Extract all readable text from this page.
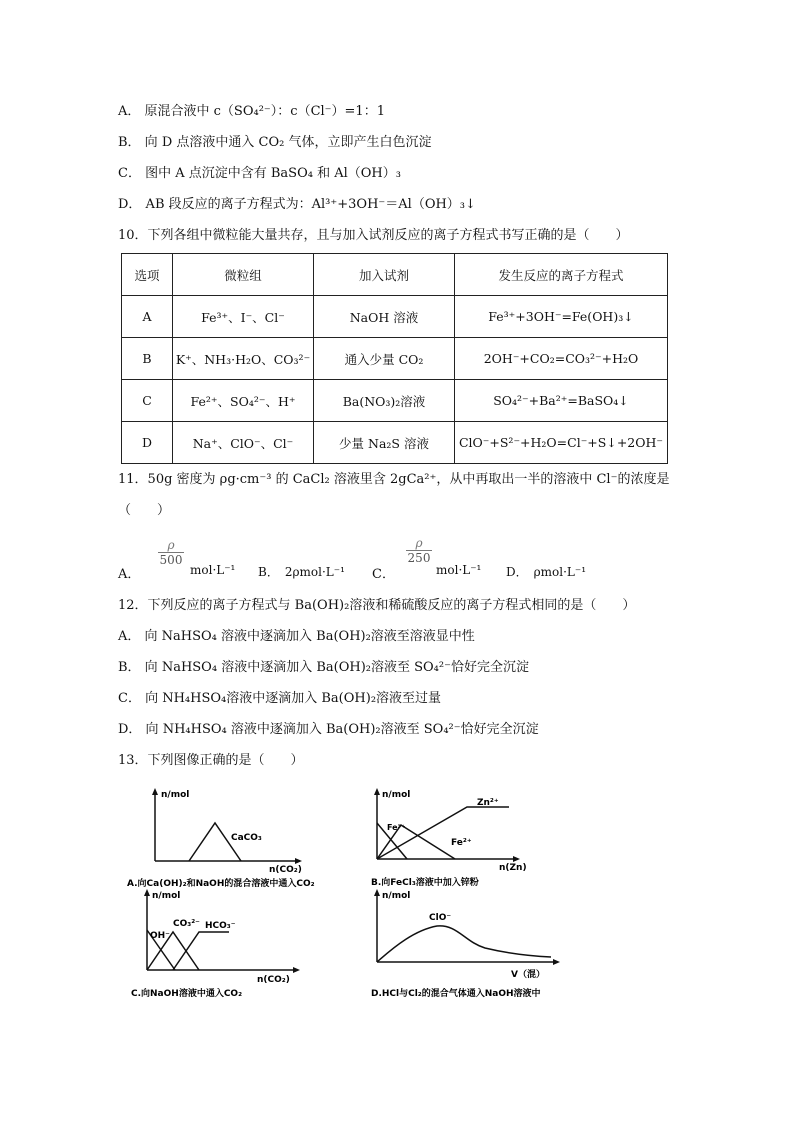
A． 原混合液中 c（SO₄²⁻）：c（Cl⁻）=1：1
B． 向 D 点溶液中通入 CO₂ 气体，立即产生白色沉淀
C． 图中 A 点沉淀中含有 BaSO₄ 和 Al（OH）₃
D． AB 段反应的离子方程式为：Al³⁺+3OH⁻＝Al（OH）₃↓
10．下列各组中微粒能大量共存，且与加入试剂反应的离子方程式书写正确的是（　　）
选项	微粒组	加入试剂	发生反应的离子方程式
A	Fe³⁺、I⁻、Cl⁻	NaOH 溶液	Fe³⁺+3OH⁻=Fe(OH)₃↓
B	K⁺、NH₃·H₂O、CO₃²⁻	通入少量 CO₂	2OH⁻+CO₂=CO₃²⁻+H₂O
C	Fe²⁺、SO₄²⁻、H⁺	Ba(NO₃)₂溶液	SO₄²⁻+Ba²⁺=BaSO₄↓
D	Na⁺、ClO⁻、Cl⁻	少量 Na₂S 溶液	ClO⁻+S²⁻+H₂O=Cl⁻+S↓+2OH⁻
11．50g 密度为 ρg·cm⁻³ 的 CaCl₂ 溶液里含 2gCa²⁺，从中再取出一半的溶液中 Cl⁻的浓度是
（　　）
A．
ρ
500
mol·L⁻¹ B．　2ρmol·L⁻¹ C．
ρ
250
mol·L⁻¹ D．　ρmol·L⁻¹
12．下列反应的离子方程式与 Ba(OH)₂溶液和稀硫酸反应的离子方程式相同的是（　　）
A． 向 NaHSO₄ 溶液中逐滴加入 Ba(OH)₂溶液至溶液显中性
B． 向 NaHSO₄ 溶液中逐滴加入 Ba(OH)₂溶液至 SO₄²⁻恰好完全沉淀
C． 向 NH₄HSO₄溶液中逐滴加入 Ba(OH)₂溶液至过量
D． 向 NH₄HSO₄ 溶液中逐滴加入 Ba(OH)₂溶液至 SO₄²⁻恰好完全沉淀
13．下列图像正确的是（　　）
n/mol
CaCO₃
n(CO₂)
A.向Ca(OH)₂和NaOH的混合溶液中通入CO₂
n/mol
Zn²⁺
Fe³⁺
Fe²⁺
n(Zn)
B.向FeCl₃溶液中加入锌粉
n/mol
OH⁻
CO₃²⁻ HCO₃⁻
n(CO₂)
C.向NaOH溶液中通入CO₂
n/mol
ClO⁻
V（混）
D.HCl与Cl₂的混合气体通入NaOH溶液中
